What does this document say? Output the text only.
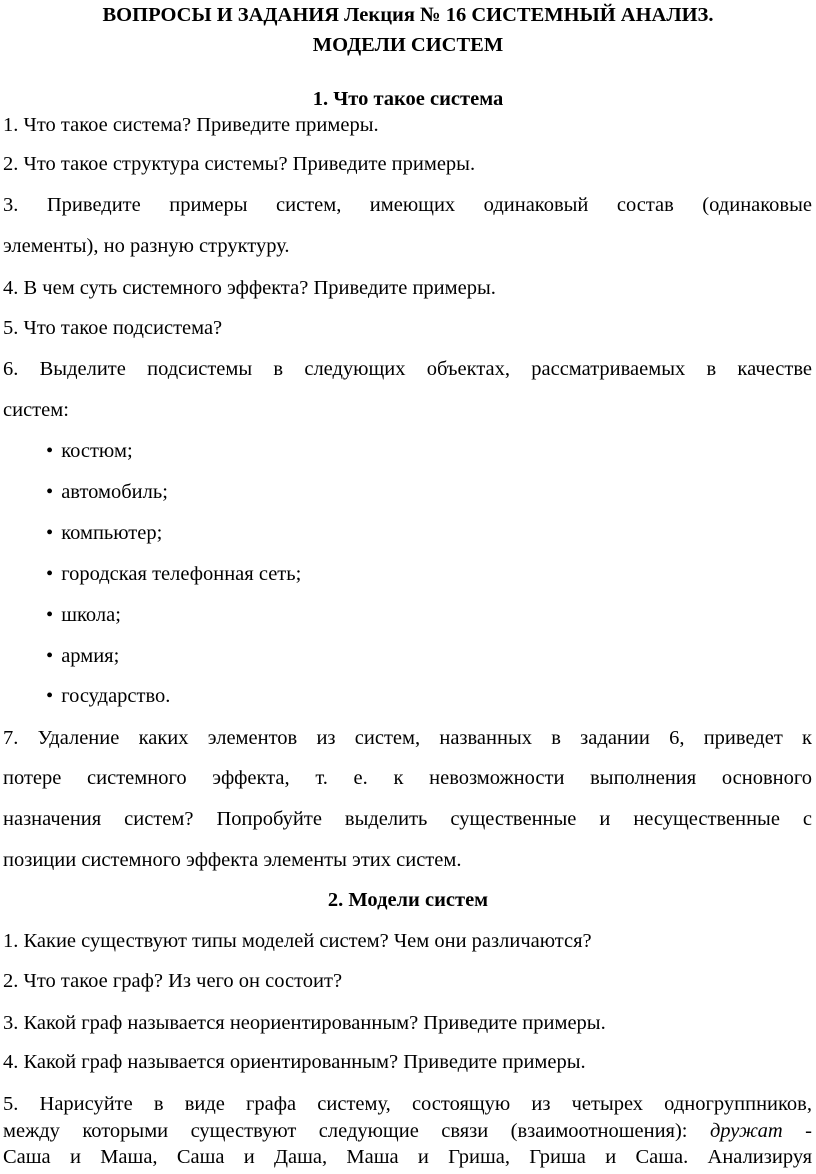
ВОПРОСЫ И ЗАДАНИЯ Лекция № 16 СИСТЕМНЫЙ АНАЛИЗ.
МОДЕЛИ СИСТЕМ
1. Что такое система
1. Что такое система? Приведите примеры.
2. Что такое структура системы? Приведите примеры.
3. Приведите примеры систем, имеющих одинаковый состав (одинаковые
элементы), но разную структуру.
4. В чем суть системного эффекта? Приведите примеры.
5. Что такое подсистема?
6. Выделите подсистемы в следующих объектах, рассматриваемых в качестве
систем:
• костюм;
• автомобиль;
• компьютер;
• городская телефонная сеть;
• школа;
• армия;
• государство.
7. Удаление каких элементов из систем, названных в задании 6, приведет к
потере системного эффекта, т. е. к невозможности выполнения основного
назначения систем? Попробуйте выделить существенные и несущественные с
позиции системного эффекта элементы этих систем.
2. Модели систем
1. Какие существуют типы моделей систем? Чем они различаются?
2. Что такое граф? Из чего он состоит?
3. Какой граф называется неориентированным? Приведите примеры.
4. Какой граф называется ориентированным? Приведите примеры.
5. Нарисуйте в виде графа систему, состоящую из четырех одногруппников,
между которыми существуют следующие связи (взаимоотношения): дружат -
Саша и Маша, Саша и Даша, Маша и Гриша, Гриша и Саша. Анализируя
